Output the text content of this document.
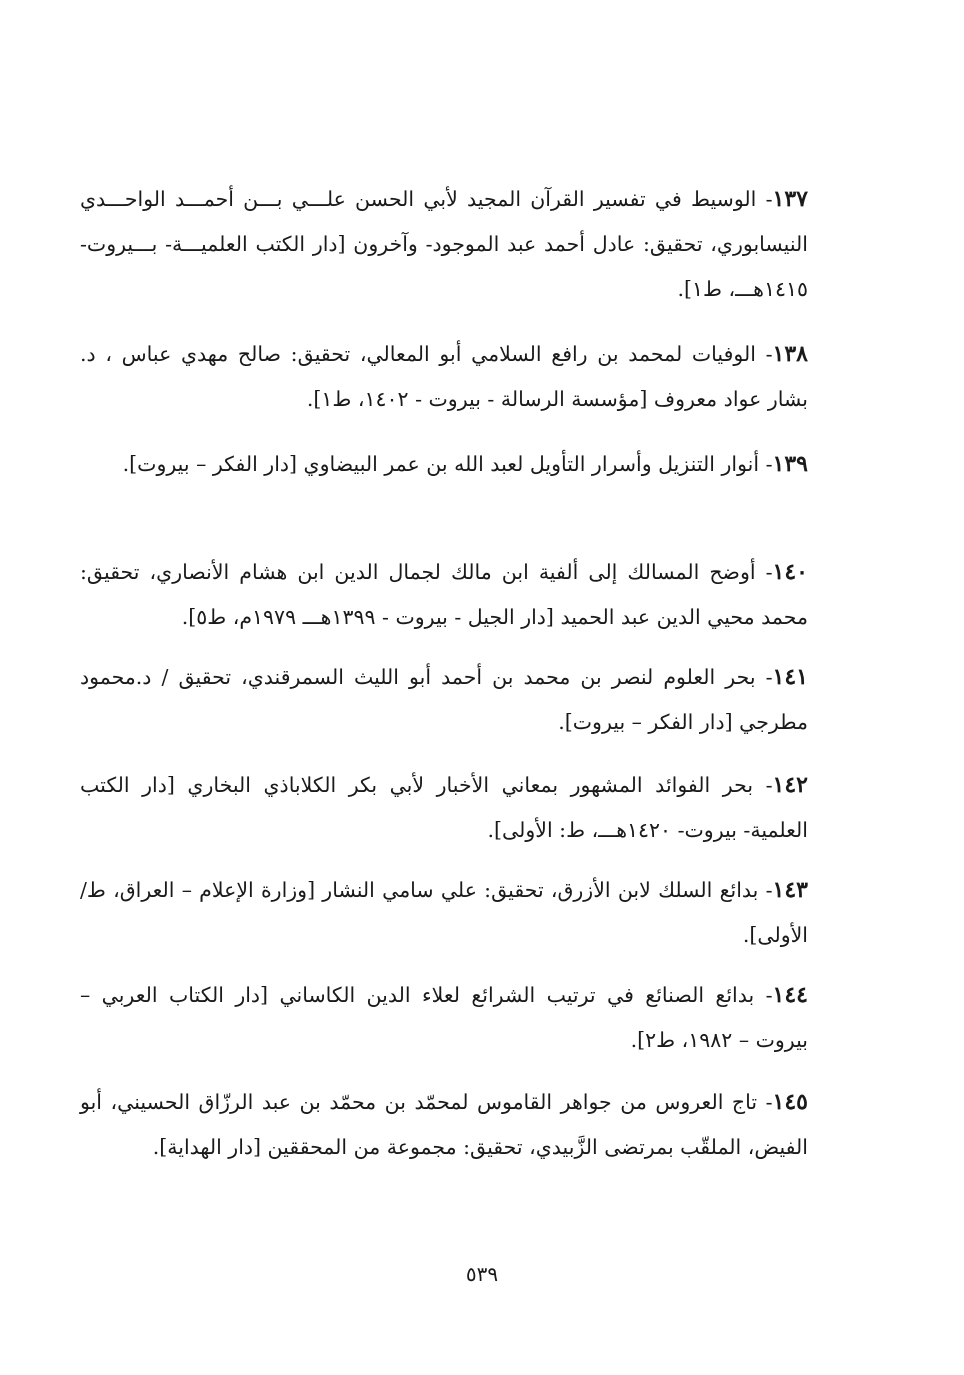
١٣٧- الوسيط في تفسير القرآن المجيد لأبي الحسن علـــي بـــن أحمـــد الواحـــدي النيسابوري، تحقيق: عادل أحمد عبد الموجود- وآخرون [دار الكتب العلميـــة- بـــيروت- ١٤١٥هـــ، ط١].
١٣٨- الوفيات لمحمد بن رافع السلامي أبو المعالي، تحقيق: صالح مهدي عباس ، د. بشار عواد معروف [مؤسسة الرسالة - بيروت - ١٤٠٢، ط١].
١٣٩- أنوار التنزيل وأسرار التأويل لعبد الله بن عمر البيضاوي [دار الفكر – بيروت].
١٤٠- أوضح المسالك إلى ألفية ابن مالك لجمال الدين ابن هشام الأنصاري، تحقيق: محمد محيي الدين عبد الحميد [دار الجيل - بيروت - ١٣٩٩هـــ ١٩٧٩م، ط٥].
١٤١- بحر العلوم لنصر بن محمد بن أحمد أبو الليث السمرقندي، تحقيق / د.محمود مطرجي [دار الفكر – بيروت].
١٤٢- بحر الفوائد المشهور بمعاني الأخبار لأبي بكر الكلاباذي البخاري [دار الكتب العلمية- بيروت- ١٤٢٠هـــ، ط: الأولى].
١٤٣- بدائع السلك لابن الأزرق، تحقيق: علي سامي النشار [وزارة الإعلام – العراق، ط/الأولى].
١٤٤- بدائع الصنائع في ترتيب الشرائع لعلاء الدين الكاساني [دار الكتاب العربي – بيروت – ١٩٨٢، ط٢].
١٤٥- تاج العروس من جواهر القاموس لمحمّد بن محمّد بن عبد الرزّاق الحسيني، أبو الفيض، الملقّب بمرتضى الزَّبيدي، تحقيق: مجموعة من المحققين [دار الهداية].
٥٣٩
